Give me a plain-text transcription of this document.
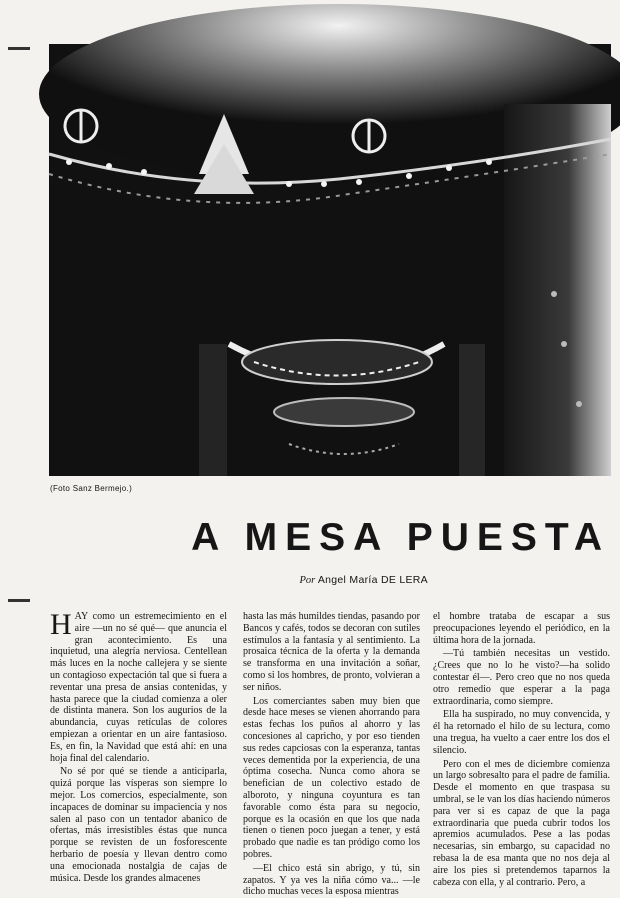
(Foto Sanz Bermejo.)
A MESA PUESTA
Por Angel María DE LERA

HAY como un estremecimiento en el aire —un no sé qué— que anuncia el gran acontecimiento. Es una inquietud, una alegría nerviosa. Centellean más luces en la noche callejera y se siente un contagioso expectación tal que si fuera a reventar una presa de ansias contenidas, y hasta parece que la ciudad comienza a oler de distinta manera. Son los augurios de la abundancia, cuyas retículas de colores empiezan a orientar en un aire fantasioso. Es, en fin, la Navidad que está ahí: en una hoja final del calendario.

No sé por qué se tiende a anticiparla, quizá porque las vísperas son siempre lo mejor. Los comercios, especialmente, son incapaces de dominar su impaciencia y nos salen al paso con un tentador abanico de ofertas, más irresistibles éstas que nunca porque se revisten de un fosforescente herbario de poesía y llevan dentro como una emocionada nostalgia de cajas de música. Desde los grandes almacenes

hasta las más humildes tiendas, pasando por Bancos y cafés, todos se decoran con sutiles estímulos a la fantasía y al sentimiento. La prosaica técnica de la oferta y la demanda se transforma en una invitación a soñar, como si los hombres, de pronto, volvieran a ser niños.

Los comerciantes saben muy bien que desde hace meses se vienen ahorrando para estas fechas los puños al ahorro y las concesiones al capricho, y por eso tienden sus redes capciosas con la esperanza, tantas veces dementida por la experiencia, de una óptima cosecha. Nunca como ahora se benefician de un colectivo estado de alboroto, y ninguna coyuntura es tan favorable como ésta para su negocio, porque es la ocasión en que los que nada tienen o tienen poco juegan a tener, y está probado que nadie es tan pródigo como los pobres.

—El chico está sin abrigo, y tú, sin zapatos. Y ya ves la niña cómo va... —le dicho muchas veces la esposa mientras

el hombre trataba de escapar a sus preocupaciones leyendo el periódico, en la última hora de la jornada.

—Tú también necesitas un vestido. ¿Crees que no lo he visto?—ha solido contestar él—. Pero creo que no nos queda otro remedio que esperar a la paga extraordinaria, como siempre.

Ella ha suspirado, no muy convencida, y él ha retornado el hilo de su lectura, como una tregua, ha vuelto a caer entre los dos el silencio.

Pero con el mes de diciembre comienza un largo sobresalto para el padre de familia. Desde el momento en que traspasa su umbral, se le van los días haciendo números para ver si es capaz de que la paga extraordinaria que pueda cubrir todos los apremios acumulados. Pese a las podas necesarias, sin embargo, su capacidad no rebasa la de esa manta que no nos deja al aire los pies si pretendemos taparnos la cabeza con ella, y al contrario. Pero, a
